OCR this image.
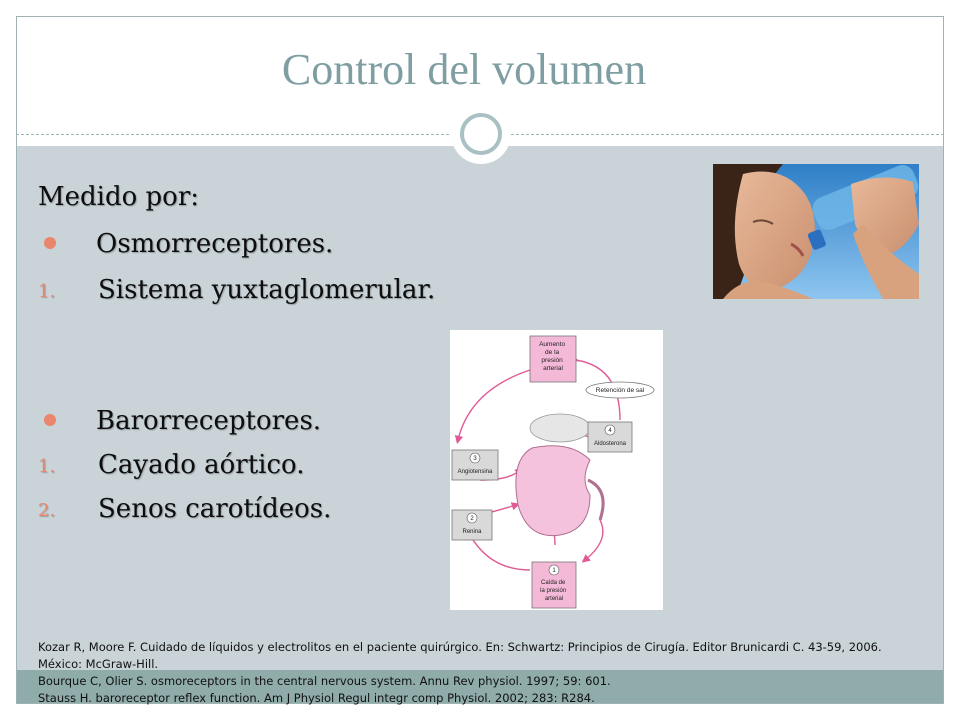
Control del volumen
Medido por:
Osmorreceptores.
1. Sistema yuxtaglomerular.
Barorreceptores.
1. Cayado aórtico.
2. Senos carotídeos.
Aumento de la presión arterial
Retención de sal
4
Aldosterona
3
Angiotensina
2
Renina
1
Caída de la presión arterial
Kozar R, Moore F. Cuidado de líquidos y electrolitos en el paciente quirúrgico. En: Schwartz: Principios de Cirugía. Editor Brunicardi C. 43-59, 2006.
México: McGraw-Hill.
Bourque C, Olier S. osmoreceptors in the central nervous system. Annu Rev physiol. 1997; 59: 601.
Stauss H. baroreceptor reflex function. Am J Physiol Regul integr comp Physiol. 2002; 283: R284.
